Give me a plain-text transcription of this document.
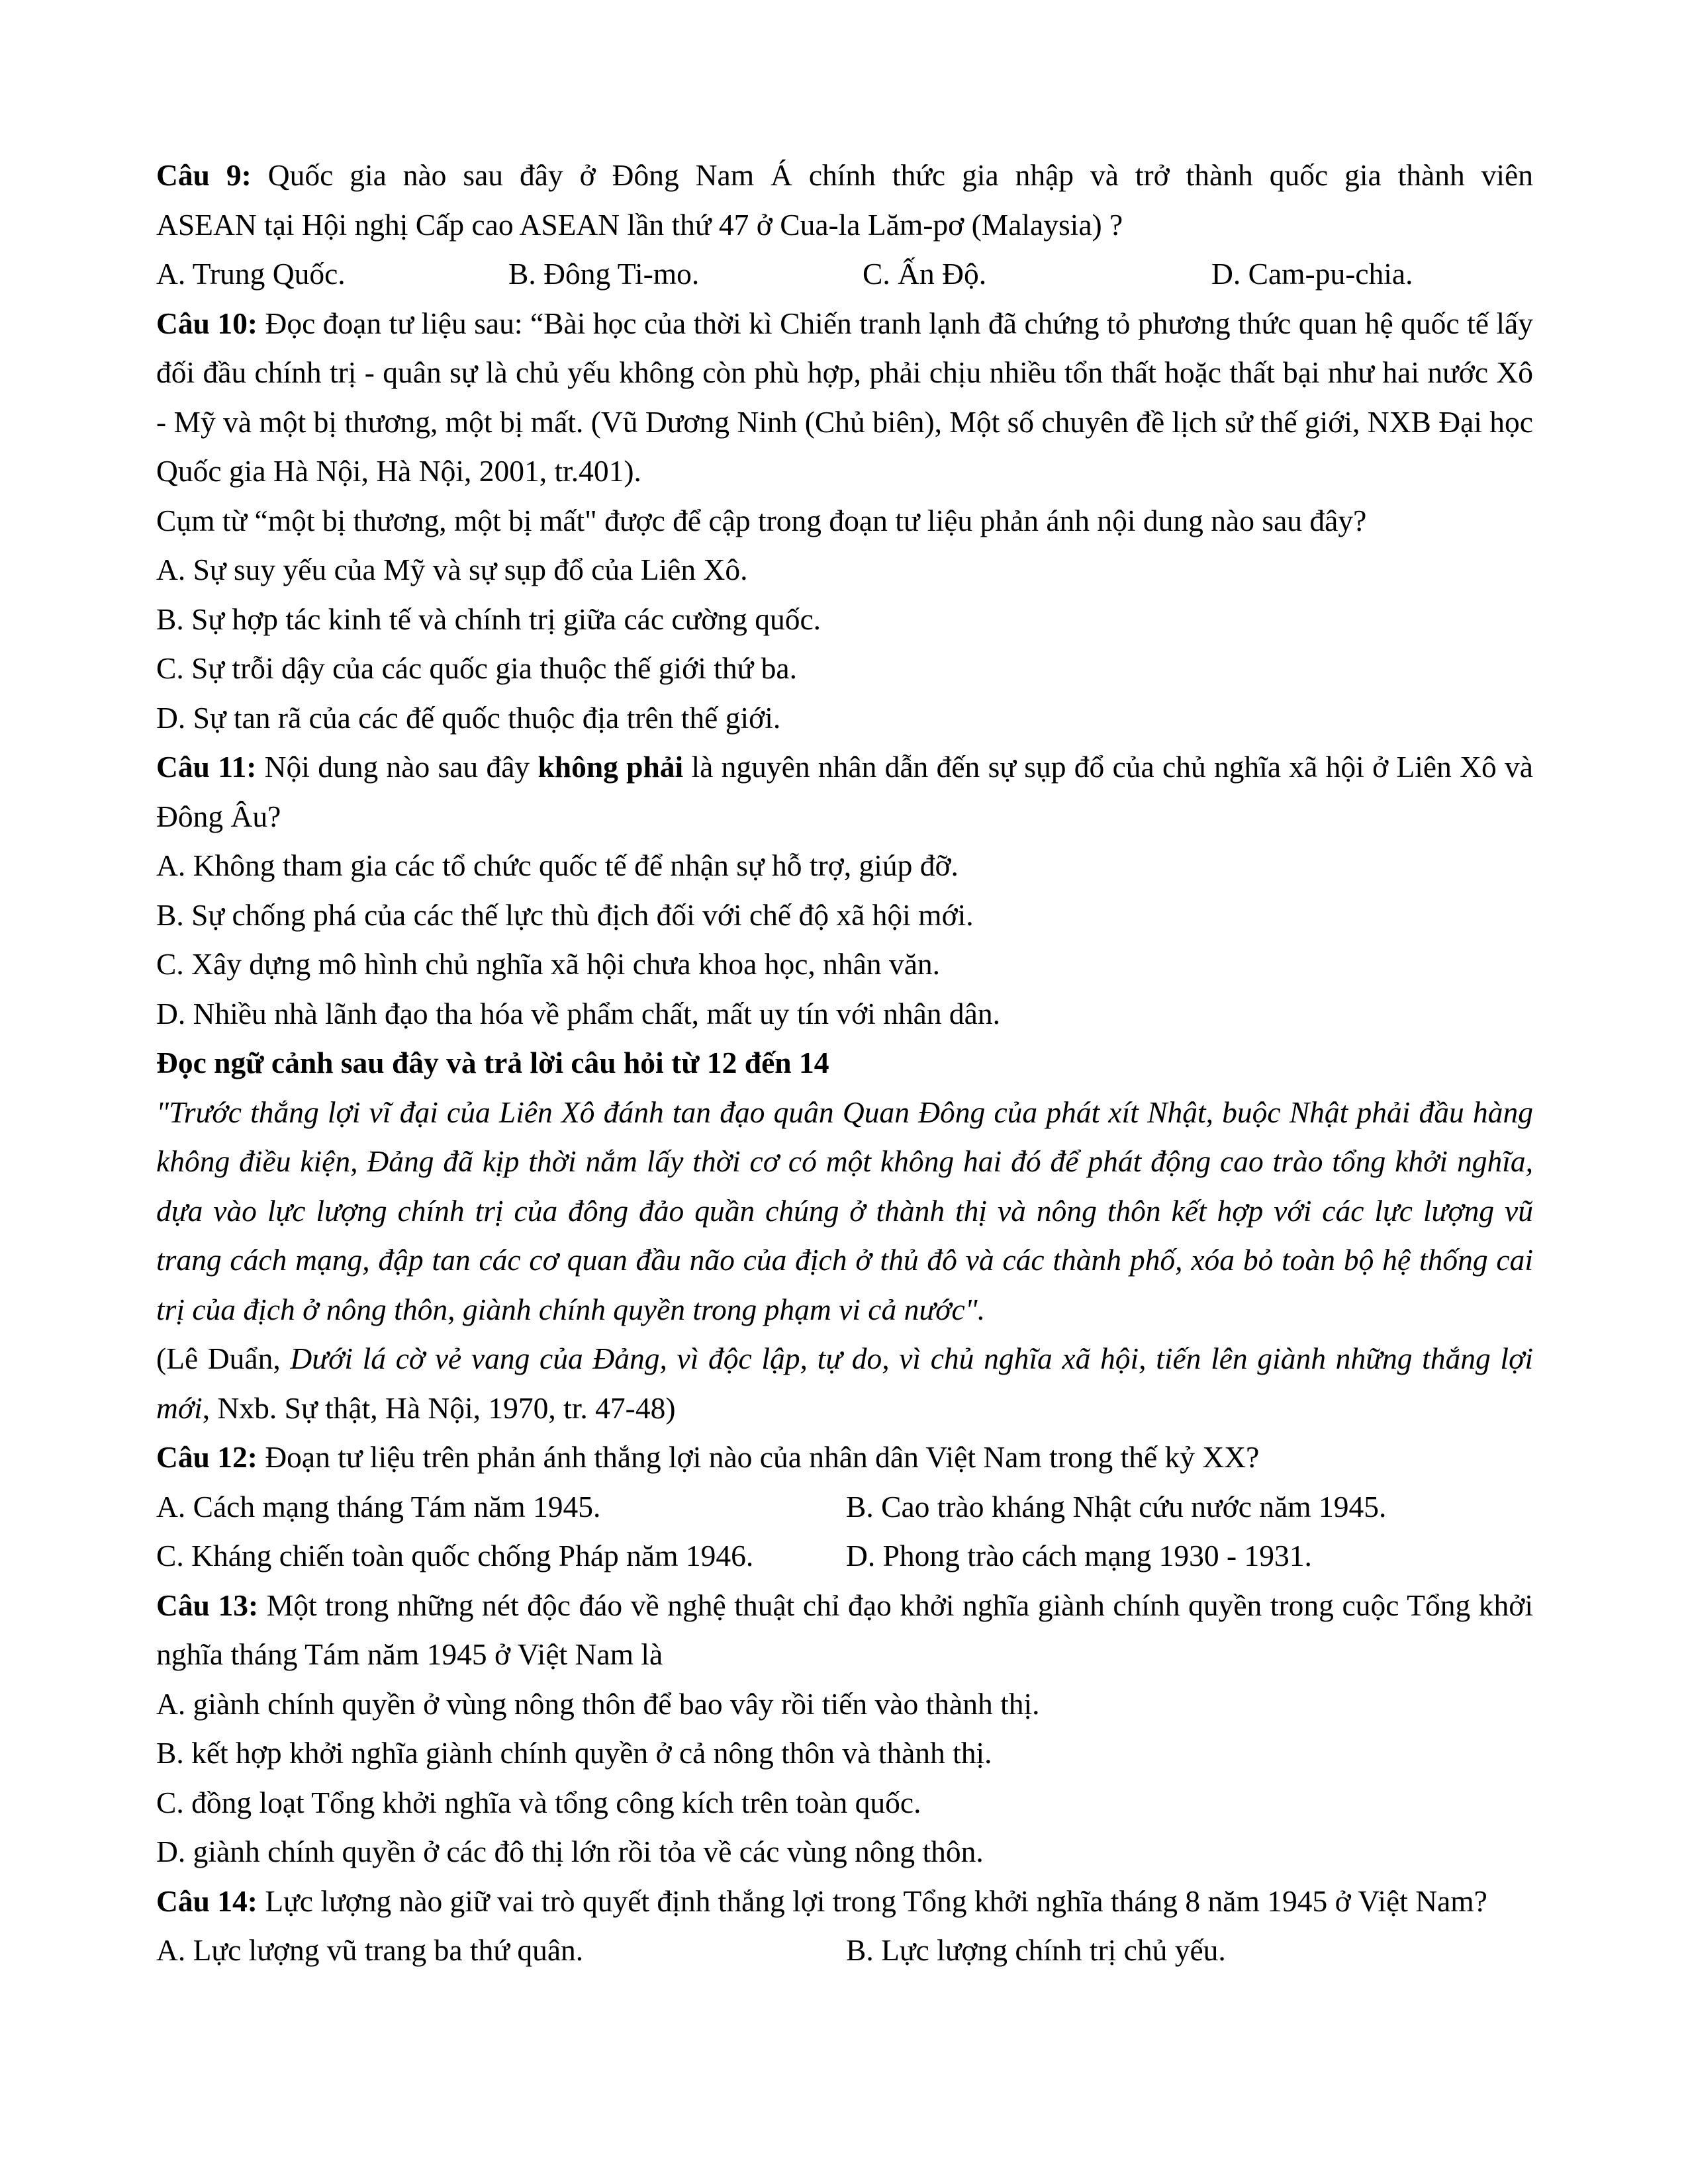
Câu 9: Quốc gia nào sau đây ở Đông Nam Á chính thức gia nhập và trở thành quốc gia thành viên

ASEAN tại Hội nghị Cấp cao ASEAN lần thứ 47 ở Cua-la Lăm-pơ (Malaysia) ?

A. Trung Quốc.	B. Đông Ti-mo.	C. Ấn Độ.	D. Cam-pu-chia.

Câu 10: Đọc đoạn tư liệu sau: “Bài học của thời kì Chiến tranh lạnh đã chứng tỏ phương thức quan hệ quốc tế lấy đối đầu chính trị - quân sự là chủ yếu không còn phù hợp, phải chịu nhiều tổn thất hoặc thất bại như hai nước Xô - Mỹ và một bị thương, một bị mất. (Vũ Dương Ninh (Chủ biên), Một số chuyên đề lịch sử thế giới, NXB Đại học Quốc gia Hà Nội, Hà Nội, 2001, tr.401).

Cụm từ “một bị thương, một bị mất" được để cập trong đoạn tư liệu phản ánh nội dung nào sau đây?

A. Sự suy yếu của Mỹ và sự sụp đổ của Liên Xô.

B. Sự hợp tác kinh tế và chính trị giữa các cường quốc.

C. Sự trỗi dậy của các quốc gia thuộc thế giới thứ ba.

D. Sự tan rã của các đế quốc thuộc địa trên thế giới.

Câu 11: Nội dung nào sau đây không phải là nguyên nhân dẫn đến sự sụp đổ của chủ nghĩa xã hội ở Liên Xô và Đông Âu?

A. Không tham gia các tổ chức quốc tế để nhận sự hỗ trợ, giúp đỡ.

B. Sự chống phá của các thế lực thù địch đối với chế độ xã hội mới.

C. Xây dựng mô hình chủ nghĩa xã hội chưa khoa học, nhân văn.

D. Nhiều nhà lãnh đạo tha hóa về phẩm chất, mất uy tín với nhân dân.

Đọc ngữ cảnh sau đây và trả lời câu hỏi từ 12 đến 14

"Trước thắng lợi vĩ đại của Liên Xô đánh tan đạo quân Quan Đông của phát xít Nhật, buộc Nhật phải đầu hàng không điều kiện, Đảng đã kịp thời nắm lấy thời cơ có một không hai đó để phát động cao trào tổng khởi nghĩa, dựa vào lực lượng chính trị của đông đảo quần chúng ở thành thị và nông thôn kết hợp với các lực lượng vũ trang cách mạng, đập tan các cơ quan đầu não của địch ở thủ đô và các thành phố, xóa bỏ toàn bộ hệ thống cai trị của địch ở nông thôn, giành chính quyền trong phạm vi cả nước".

(Lê Duẩn, Dưới lá cờ vẻ vang của Đảng, vì độc lập, tự do, vì chủ nghĩa xã hội, tiến lên giành những thắng lợi mới, Nxb. Sự thật, Hà Nội, 1970, tr. 47-48)

Câu 12: Đoạn tư liệu trên phản ánh thắng lợi nào của nhân dân Việt Nam trong thế kỷ XX?

A. Cách mạng tháng Tám năm 1945.	B. Cao trào kháng Nhật cứu nước năm 1945.
C. Kháng chiến toàn quốc chống Pháp năm 1946.	D. Phong trào cách mạng 1930 - 1931.

Câu 13: Một trong những nét độc đáo về nghệ thuật chỉ đạo khởi nghĩa giành chính quyền trong cuộc Tổng khởi nghĩa tháng Tám năm 1945 ở Việt Nam là

A. giành chính quyền ở vùng nông thôn để bao vây rồi tiến vào thành thị.

B. kết hợp khởi nghĩa giành chính quyền ở cả nông thôn và thành thị.

C. đồng loạt Tổng khởi nghĩa và tổng công kích trên toàn quốc.

D. giành chính quyền ở các đô thị lớn rồi tỏa về các vùng nông thôn.

Câu 14: Lực lượng nào giữ vai trò quyết định thắng lợi trong Tổng khởi nghĩa tháng 8 năm 1945 ở Việt Nam?

A. Lực lượng vũ trang ba thứ quân.	B. Lực lượng chính trị chủ yếu.
